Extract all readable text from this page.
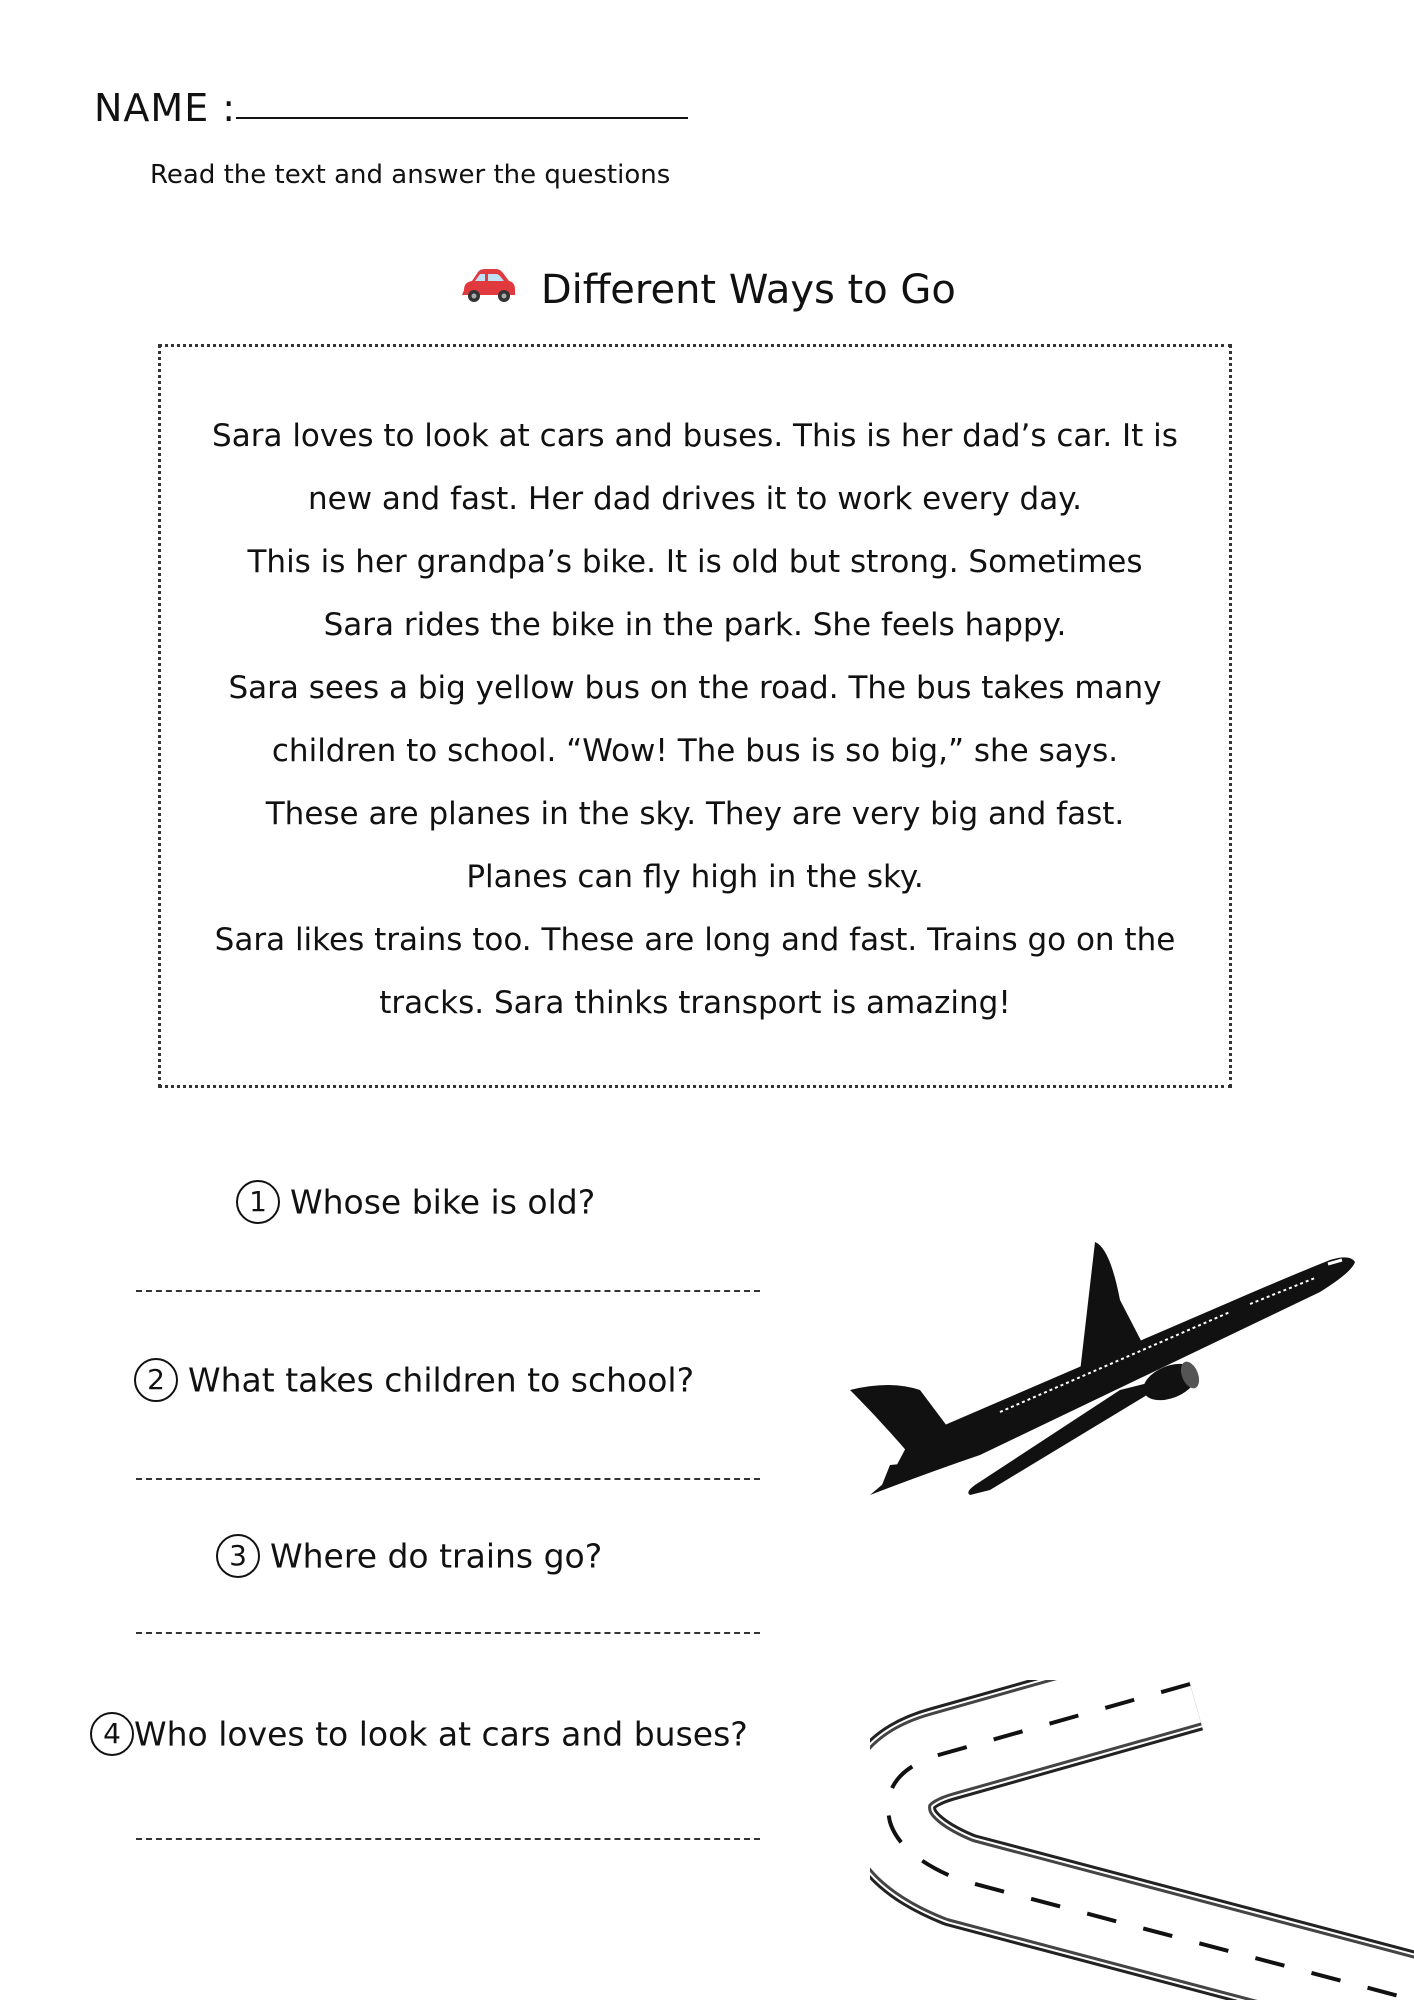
NAME :
Read the text and answer the questions
Different Ways to Go

Sara loves to look at cars and buses. This is her dad’s car. It is new and fast. Her dad drives it to work every day.

This is her grandpa’s bike. It is old but strong. Sometimes Sara rides the bike in the park. She feels happy.

Sara sees a big yellow bus on the road. The bus takes many children to school. “Wow! The bus is so big,” she says.

These are planes in the sky. They are very big and fast. Planes can fly high in the sky.

Sara likes trains too. These are long and fast. Trains go on the tracks. Sara thinks transport is amazing!

1 Whose bike is old?
2 What takes children to school?
3 Where do trains go?
4 Who loves to look at cars and buses?
